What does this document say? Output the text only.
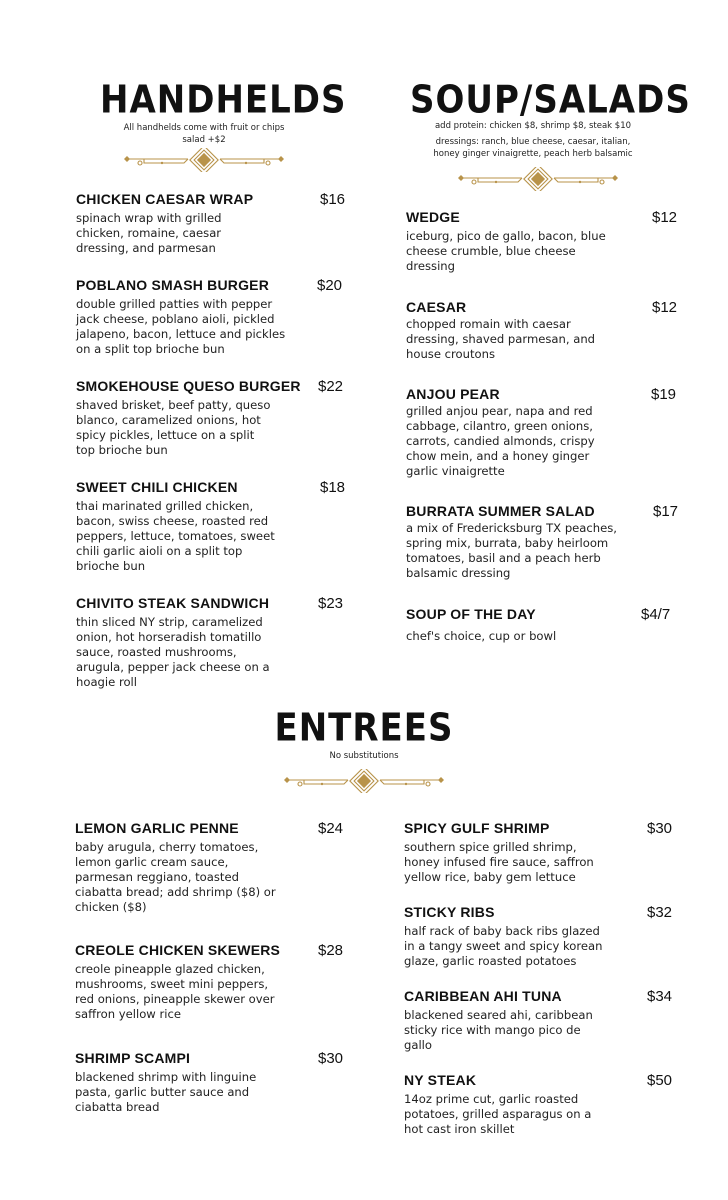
HANDHELDS
All handhelds come with fruit or chips
salad +$2
CHICKEN CAESAR WRAP	$16
spinach wrap with grilled chicken, romaine, caesar dressing, and parmesan
POBLANO SMASH BURGER	$20
double grilled patties with pepper jack cheese, poblano aioli, pickled jalapeno, bacon, lettuce and pickles on a split top brioche bun
SMOKEHOUSE QUESO BURGER $22
shaved brisket, beef patty, queso blanco, caramelized onions, hot spicy pickles, lettuce on a split top brioche bun
SWEET CHILI CHICKEN	$18
thai marinated grilled chicken, bacon, swiss cheese, roasted red peppers, lettuce, tomatoes, sweet chili garlic aioli on a split top brioche bun
CHIVITO STEAK SANDWICH	$23
thin sliced NY strip, caramelized onion, hot horseradish tomatillo sauce, roasted mushrooms, arugula, pepper jack cheese on a hoagie roll
SOUP/SALADS
add protein: chicken $8, shrimp $8, steak $10
dressings: ranch, blue cheese, caesar, italian,
honey ginger vinaigrette, peach herb balsamic
WEDGE	$12
iceburg, pico de gallo, bacon, blue cheese crumble, blue cheese dressing
CAESAR	$12
chopped romain with caesar dressing, shaved parmesan, and house croutons
ANJOU PEAR	$19
grilled anjou pear, napa and red cabbage, cilantro, green onions, carrots, candied almonds, crispy chow mein, and a honey ginger garlic vinaigrette
BURRATA SUMMER SALAD	$17
a mix of Fredericksburg TX peaches, spring mix, burrata, baby heirloom tomatoes, basil and a peach herb balsamic dressing
SOUP OF THE DAY	$4/7
chef's choice, cup or bowl
ENTREES
No substitutions
LEMON GARLIC PENNE	$24
baby arugula, cherry tomatoes, lemon garlic cream sauce, parmesan reggiano, toasted ciabatta bread; add shrimp ($8) or chicken ($8)
CREOLE CHICKEN SKEWERS	$28
creole pineapple glazed chicken, mushrooms, sweet mini peppers, red onions, pineapple skewer over saffron yellow rice
SHRIMP SCAMPI	$30
blackened shrimp with linguine pasta, garlic butter sauce and ciabatta bread
SPICY GULF SHRIMP	$30
southern spice grilled shrimp, honey infused fire sauce, saffron yellow rice, baby gem lettuce
STICKY RIBS	$32
half rack of baby back ribs glazed in a tangy sweet and spicy korean glaze, garlic roasted potatoes
CARIBBEAN AHI TUNA	$34
blackened seared ahi, caribbean sticky rice with mango pico de gallo
NY STEAK	$50
14oz prime cut, garlic roasted potatoes, grilled asparagus on a hot cast iron skillet
